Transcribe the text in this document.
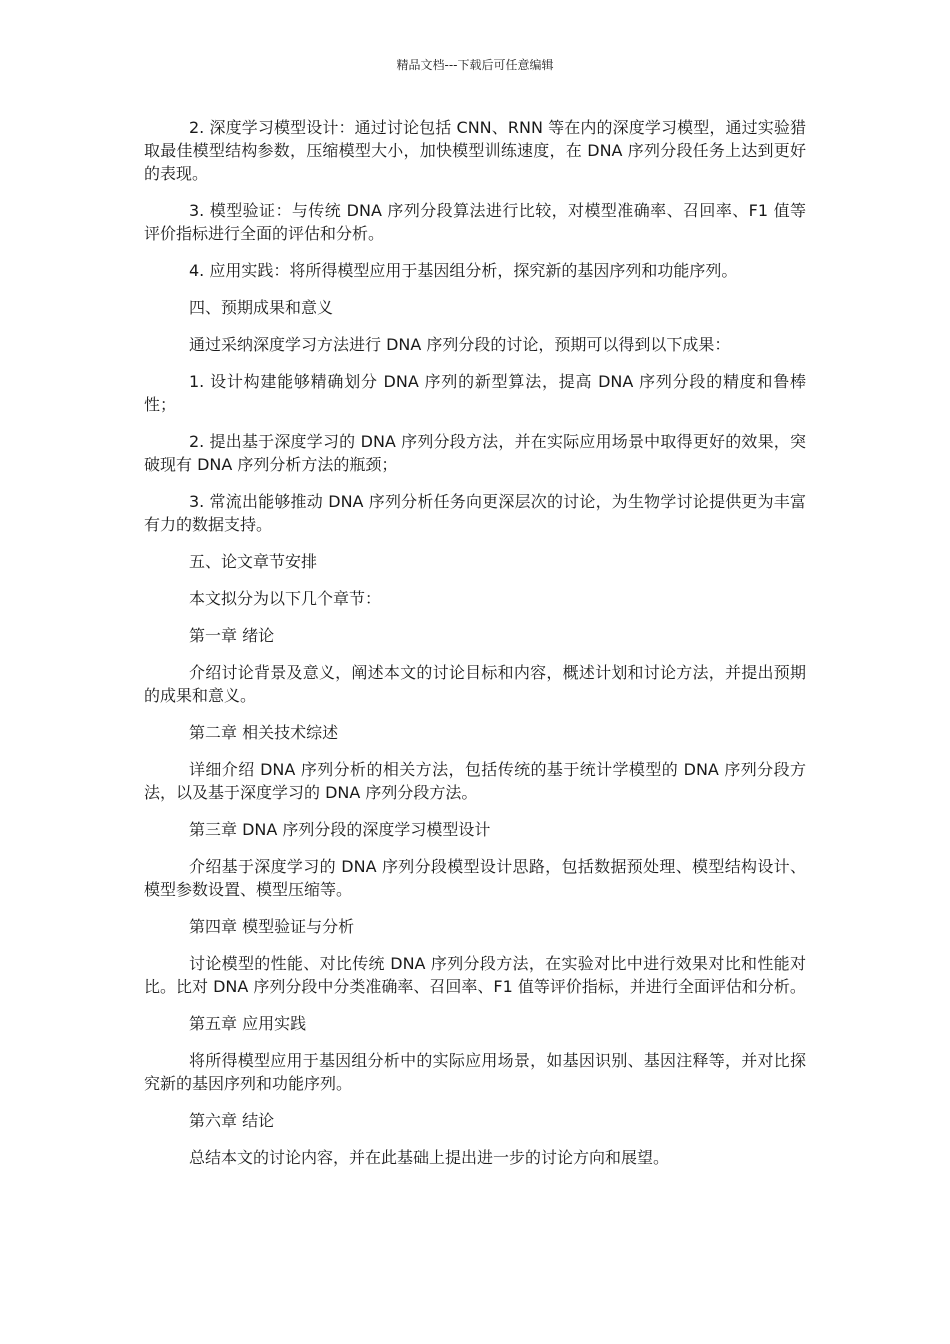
精品文档---下载后可任意编辑

2. 深度学习模型设计：通过讨论包括 CNN、RNN 等在内的深度学习模型，通过实验猎取最佳模型结构参数，压缩模型大小，加快模型训练速度，在 DNA 序列分段任务上达到更好的表现。

3. 模型验证：与传统 DNA 序列分段算法进行比较，对模型准确率、召回率、F1 值等评价指标进行全面的评估和分析。

4. 应用实践：将所得模型应用于基因组分析，探究新的基因序列和功能序列。

四、预期成果和意义

通过采纳深度学习方法进行 DNA 序列分段的讨论，预期可以得到以下成果：

1. 设计构建能够精确划分 DNA 序列的新型算法，提高 DNA 序列分段的精度和鲁棒性；

2. 提出基于深度学习的 DNA 序列分段方法，并在实际应用场景中取得更好的效果，突破现有 DNA 序列分析方法的瓶颈；

3. 常流出能够推动 DNA 序列分析任务向更深层次的讨论，为生物学讨论提供更为丰富有力的数据支持。

五、论文章节安排

本文拟分为以下几个章节：

第一章 绪论

介绍讨论背景及意义，阐述本文的讨论目标和内容，概述计划和讨论方法，并提出预期的成果和意义。

第二章 相关技术综述

详细介绍 DNA 序列分析的相关方法，包括传统的基于统计学模型的 DNA 序列分段方法，以及基于深度学习的 DNA 序列分段方法。

第三章 DNA 序列分段的深度学习模型设计

介绍基于深度学习的 DNA 序列分段模型设计思路，包括数据预处理、模型结构设计、模型参数设置、模型压缩等。

第四章 模型验证与分析

讨论模型的性能、对比传统 DNA 序列分段方法，在实验对比中进行效果对比和性能对比。比对 DNA 序列分段中分类准确率、召回率、F1 值等评价指标，并进行全面评估和分析。

第五章 应用实践

将所得模型应用于基因组分析中的实际应用场景，如基因识别、基因注释等，并对比探究新的基因序列和功能序列。

第六章 结论

总结本文的讨论内容，并在此基础上提出进一步的讨论方向和展望。
